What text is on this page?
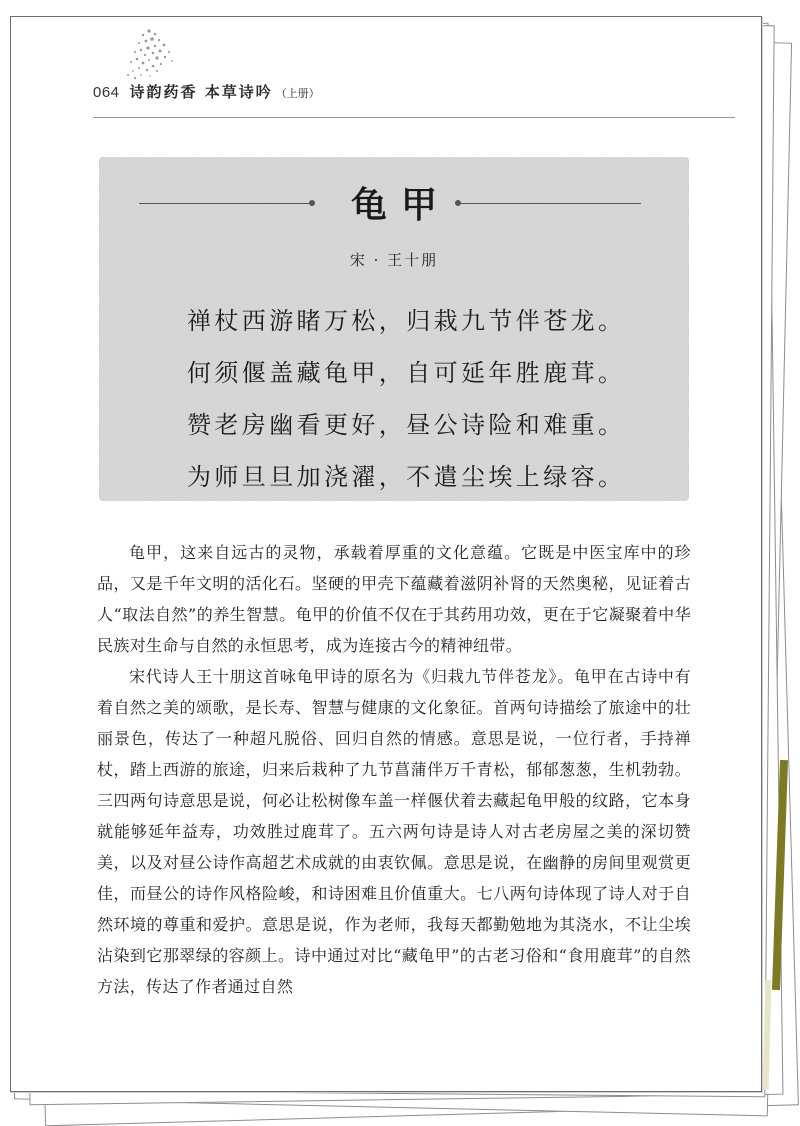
064 诗韵药香 本草诗吟 （上册）
龟甲
宋 · 王十朋
禅杖西游睹万松，归栽九节伴苍龙。
何须偃盖藏龟甲，自可延年胜鹿茸。
赞老房幽看更好，昼公诗险和难重。
为师旦旦加浇濯，不遣尘埃上绿容。

龟甲，这来自远古的灵物，承载着厚重的文化意蕴。它既是中医宝库中的珍品，又是千年文明的活化石。坚硬的甲壳下蕴藏着滋阴补肾的天然奥秘，见证着古人“取法自然”的养生智慧。龟甲的价值不仅在于其药用功效，更在于它凝聚着中华民族对生命与自然的永恒思考，成为连接古今的精神纽带。

宋代诗人王十朋这首咏龟甲诗的原名为《归栽九节伴苍龙》。龟甲在古诗中有着自然之美的颂歌，是长寿、智慧与健康的文化象征。首两句诗描绘了旅途中的壮丽景色，传达了一种超凡脱俗、回归自然的情感。意思是说，一位行者，手持禅杖，踏上西游的旅途，归来后栽种了九节菖蒲伴万千青松，郁郁葱葱，生机勃勃。三四两句诗意思是说，何必让松树像车盖一样偃伏着去藏起龟甲般的纹路，它本身就能够延年益寿，功效胜过鹿茸了。五六两句诗是诗人对古老房屋之美的深切赞美，以及对昼公诗作高超艺术成就的由衷钦佩。意思是说，在幽静的房间里观赏更佳，而昼公的诗作风格险峻，和诗困难且价值重大。七八两句诗体现了诗人对于自然环境的尊重和爱护。意思是说，作为老师，我每天都勤勉地为其浇水，不让尘埃沾染到它那翠绿的容颜上。诗中通过对比“藏龟甲”的古老习俗和“食用鹿茸”的自然方法，传达了作者通过自然
